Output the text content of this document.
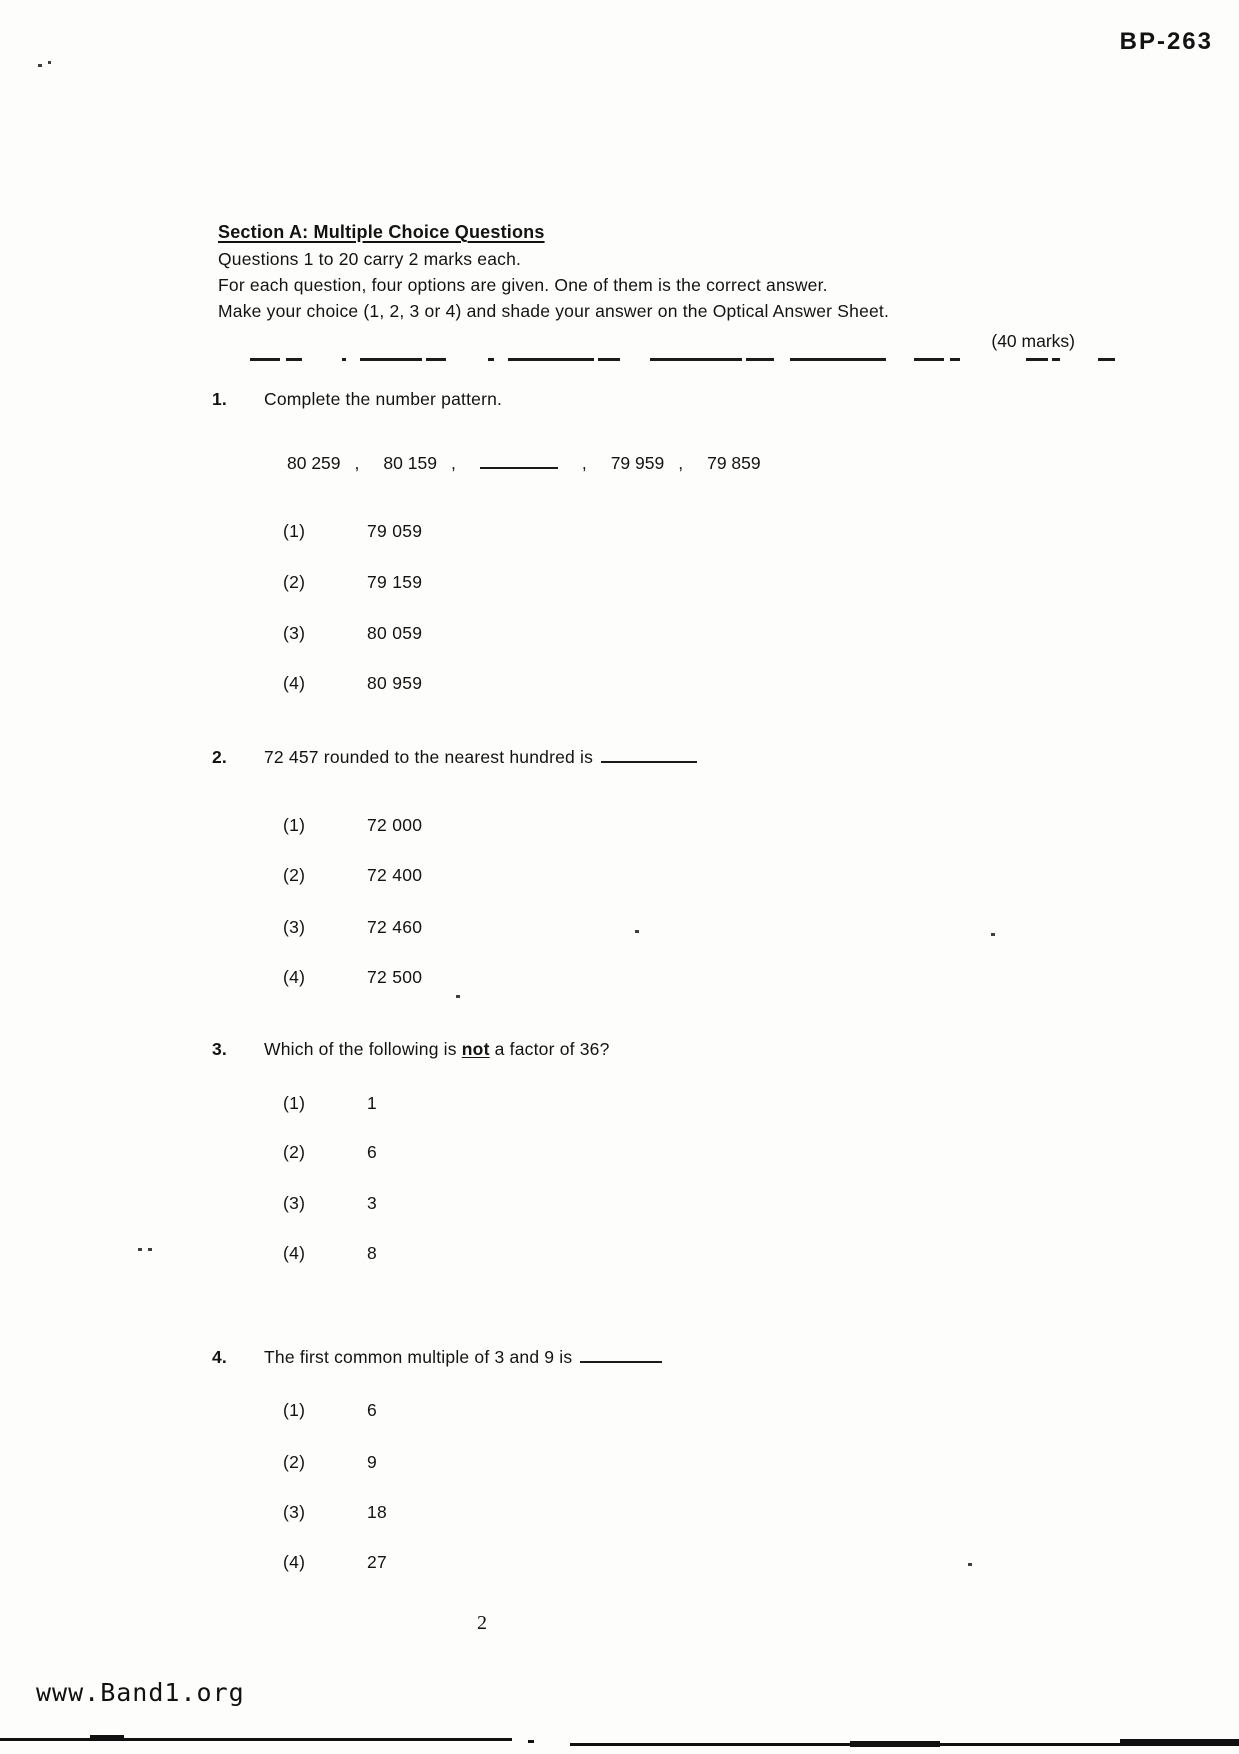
BP-263
Section A: Multiple Choice Questions
Questions 1 to 20 carry 2 marks each.
For each question, four options are given. One of them is the correct answer.
Make your choice (1, 2, 3 or 4) and shade your answer on the Optical Answer Sheet.
(40 marks)
1. Complete the number pattern.
80 259 , 80 159 ,	, 79 959 , 79 859
(1)	79 059
(2)	79 159
(3)	80 059
(4)	80 959
2. 72 457 rounded to the nearest hundred is
(1)	72 000
(2)	72 400
(3)	72 460
(4)	72 500
3. Which of the following is not a factor of 36?
(1)	1
(2)	6
(3)	3
(4)	8
4. The first common multiple of 3 and 9 is
(1)	6
(2)	9
(3)	18
(4)	27
2
www.Band1.org
